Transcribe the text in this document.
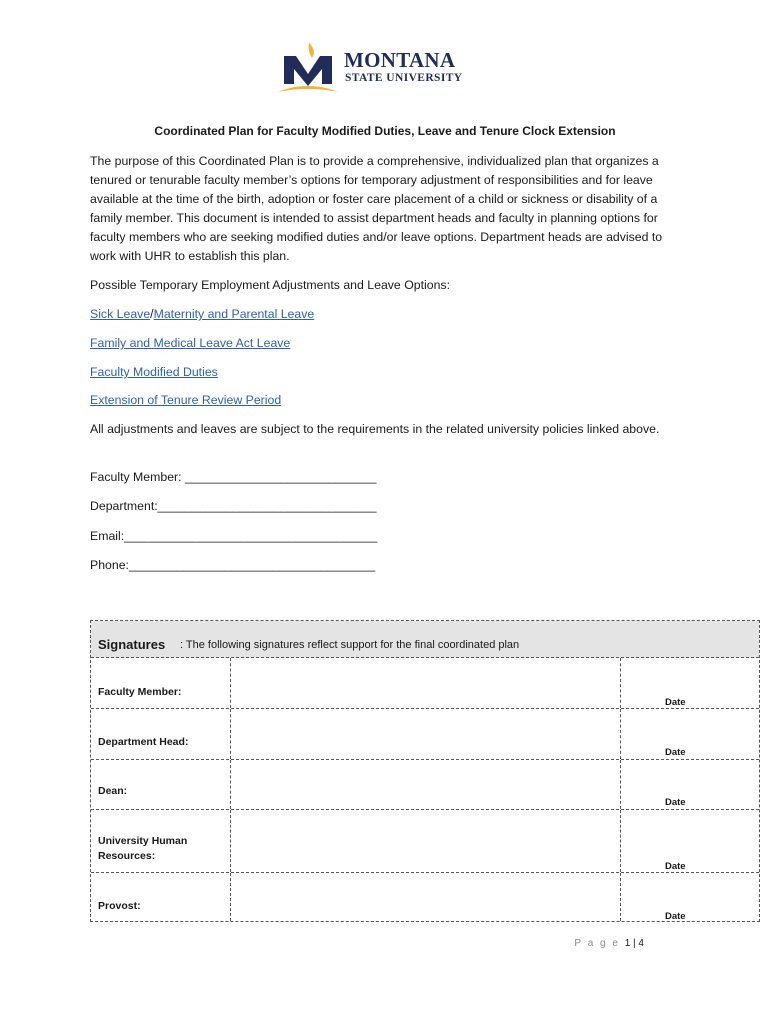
MONTANA
STATE UNIVERSITY
Coordinated Plan for Faculty Modified Duties, Leave and Tenure Clock Extension

The purpose of this Coordinated Plan is to provide a comprehensive, individualized plan that organizes a tenured or tenurable faculty member’s options for temporary adjustment of responsibilities and for leave available at the time of the birth, adoption or foster care placement of a child or sickness or disability of a family member. This document is intended to assist department heads and faculty in planning options for faculty members who are seeking modified duties and/or leave options. Department heads are advised to work with UHR to establish this plan.

Possible Temporary Employment Adjustments and Leave Options:

Sick Leave/Maternity and Parental Leave
Family and Medical Leave Act Leave
Faculty Modified Duties
Extension of Tenure Review Period

All adjustments and leaves are subject to the requirements in the related university policies linked above.

Faculty Member: ____________________________
Department:________________________________
Email:_____________________________________
Phone:____________________________________
Signatures : The following signatures reflect support for the final coordinated plan
Faculty Member:
Date
Department Head:
Date
Dean:
Date
University Human Resources:
Date
Provost:
Date
P a g e 1 | 4
